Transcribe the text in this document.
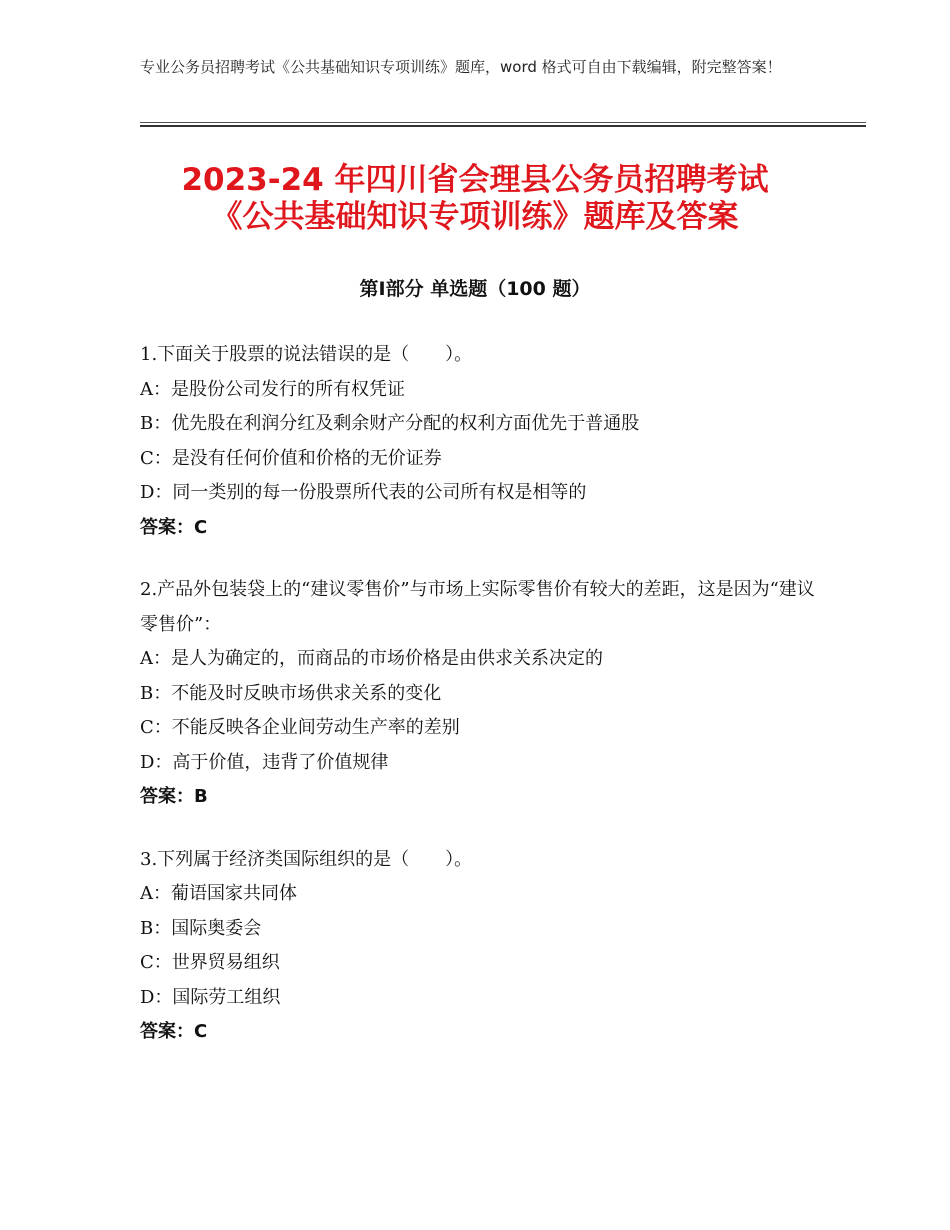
专业公务员招聘考试《公共基础知识专项训练》题库，word 格式可自由下载编辑，附完整答案！
2023-24 年四川省会理县公务员招聘考试
《公共基础知识专项训练》题库及答案
第Ⅰ部分 单选题（100 题）
1.下面关于股票的说法错误的是（　　）。
A：是股份公司发行的所有权凭证
B：优先股在利润分红及剩余财产分配的权利方面优先于普通股
C：是没有任何价值和价格的无价证券
D：同一类别的每一份股票所代表的公司所有权是相等的
答案：C
2.产品外包装袋上的“建议零售价”与市场上实际零售价有较大的差距，这是因为“建议零售价”：
A：是人为确定的，而商品的市场价格是由供求关系决定的
B：不能及时反映市场供求关系的变化
C：不能反映各企业间劳动生产率的差别
D：高于价值，违背了价值规律
答案：B
3.下列属于经济类国际组织的是（　　）。
A：葡语国家共同体
B：国际奥委会
C：世界贸易组织
D：国际劳工组织
答案：C
